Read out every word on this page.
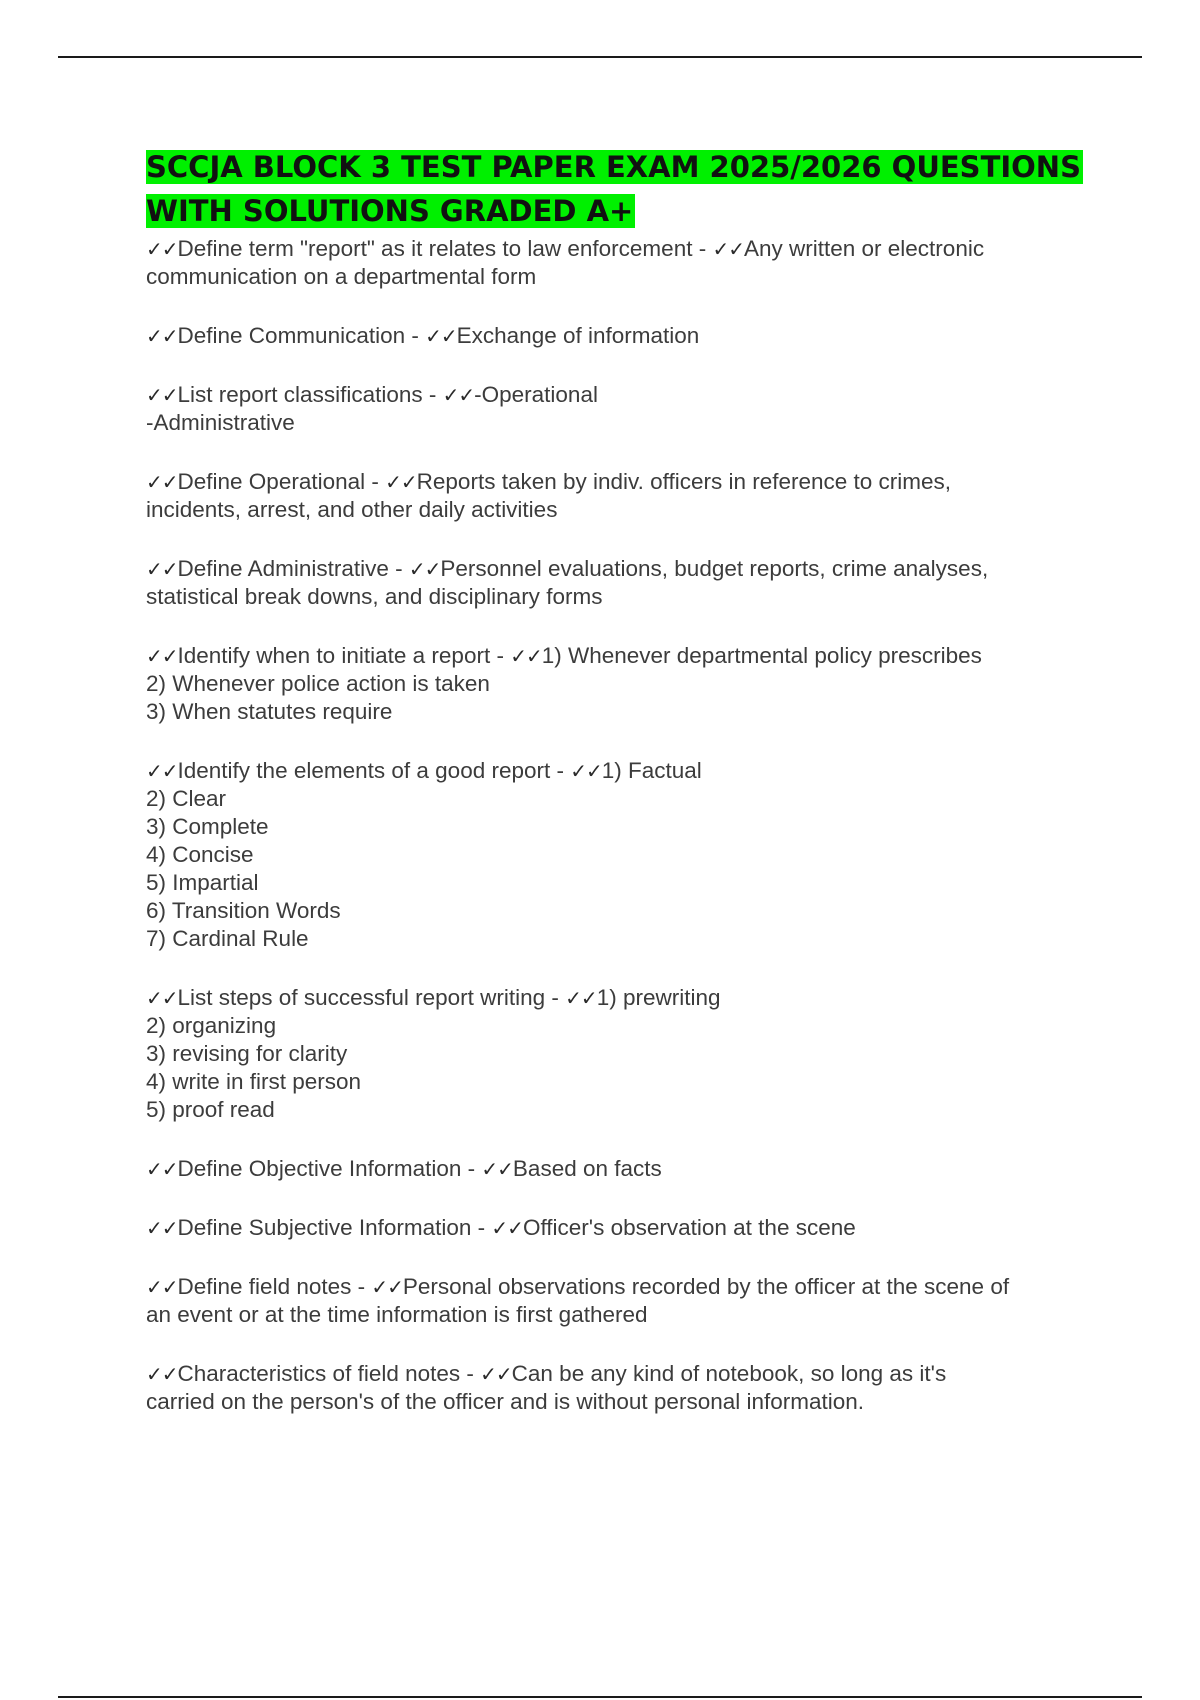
SCCJA BLOCK 3 TEST PAPER EXAM 2025/2026 QUESTIONS WITH SOLUTIONS GRADED A+
✓✓Define term "report" as it relates to law enforcement - ✓✓Any written or electronic
communication on a departmental form
✓✓Define Communication - ✓✓Exchange of information
✓✓List report classifications - ✓✓-Operational
-Administrative
✓✓Define Operational - ✓✓Reports taken by indiv. officers in reference to crimes,
incidents, arrest, and other daily activities
✓✓Define Administrative - ✓✓Personnel evaluations, budget reports, crime analyses,
statistical break downs, and disciplinary forms
✓✓Identify when to initiate a report - ✓✓1) Whenever departmental policy prescribes
2) Whenever police action is taken
3) When statutes require
✓✓Identify the elements of a good report - ✓✓1) Factual
2) Clear
3) Complete
4) Concise
5) Impartial
6) Transition Words
7) Cardinal Rule
✓✓List steps of successful report writing - ✓✓1) prewriting
2) organizing
3) revising for clarity
4) write in first person
5) proof read
✓✓Define Objective Information - ✓✓Based on facts
✓✓Define Subjective Information - ✓✓Officer's observation at the scene
✓✓Define field notes - ✓✓Personal observations recorded by the officer at the scene of
an event or at the time information is first gathered
✓✓Characteristics of field notes - ✓✓Can be any kind of notebook, so long as it's
carried on the person's of the officer and is without personal information.
